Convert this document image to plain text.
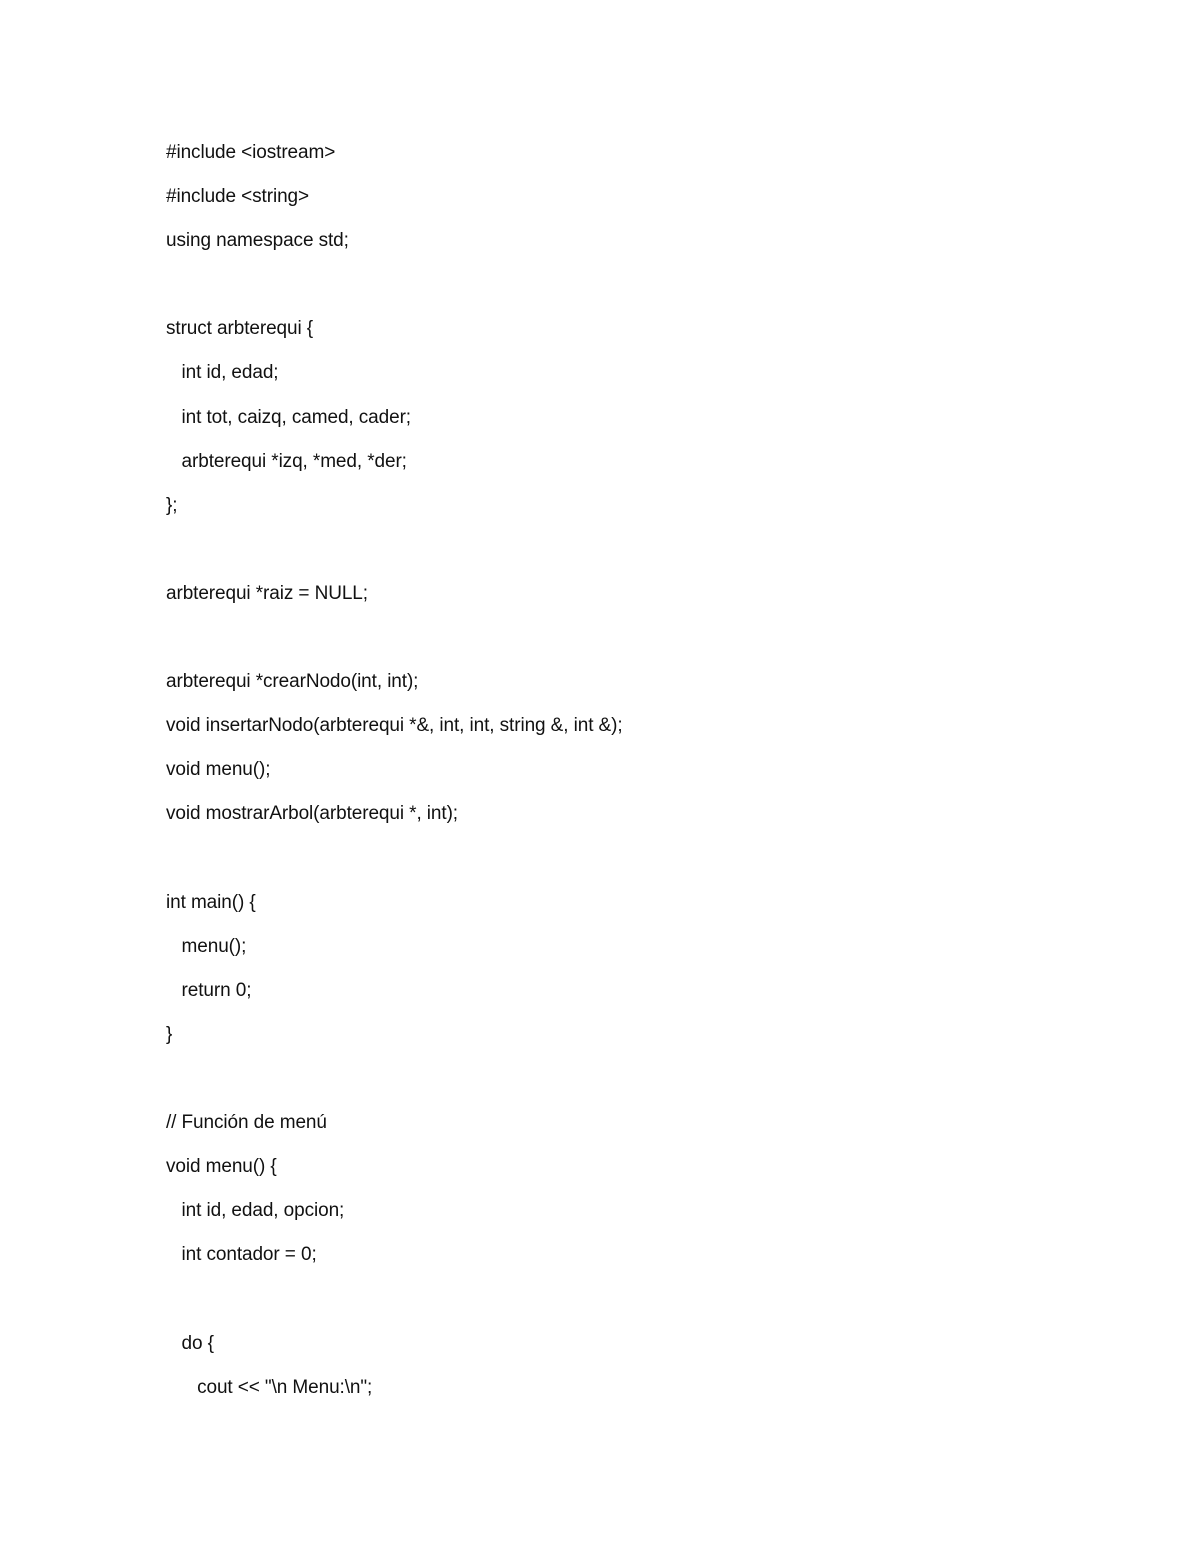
#include <iostream>
#include <string>
using namespace std;
struct arbterequi {
int id, edad;
int tot, caizq, camed, cader;
arbterequi *izq, *med, *der;
};
arbterequi *raiz = NULL;
arbterequi *crearNodo(int, int);
void insertarNodo(arbterequi *&, int, int, string &, int &);
void menu();
void mostrarArbol(arbterequi *, int);
int main() {
menu();
return 0;
}
// Función de menú
void menu() {
int id, edad, opcion;
int contador = 0;
do {
cout << "\n Menu:\n";
